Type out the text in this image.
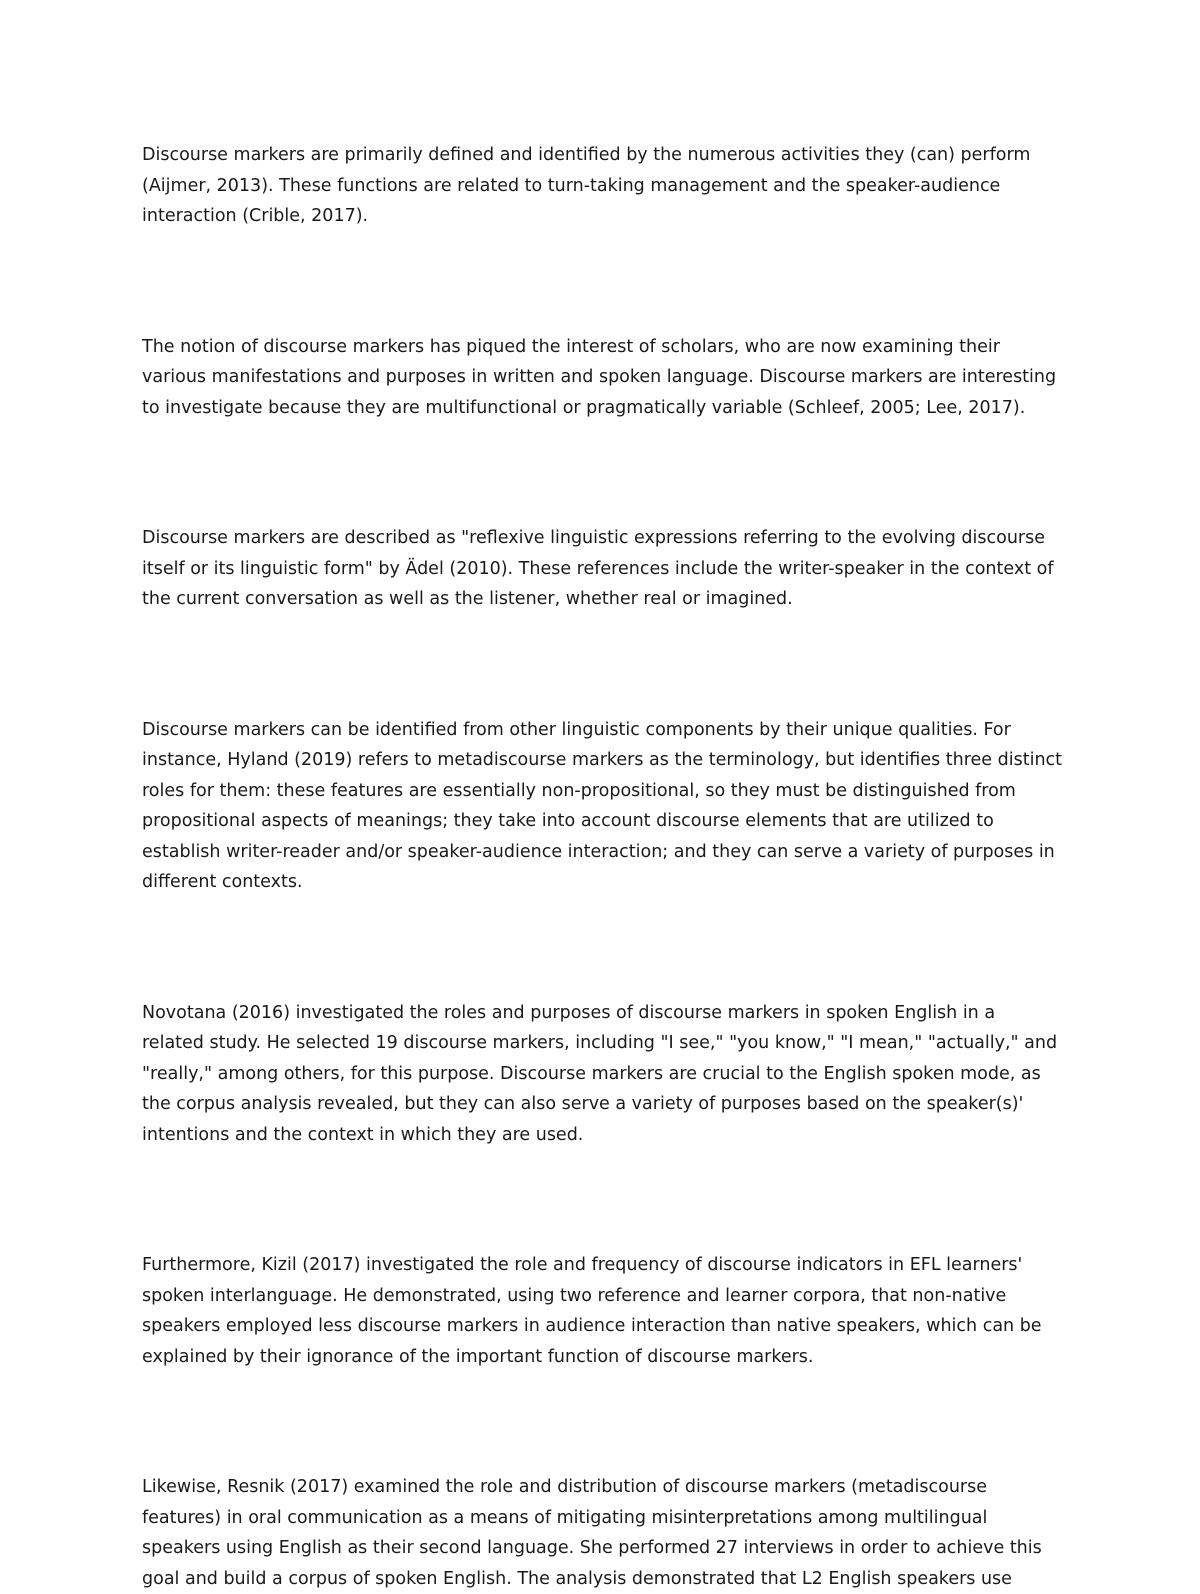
Discourse markers are primarily defined and identified by the numerous activities they (can) perform (Aijmer, 2013). These functions are related to turn-taking management and the speaker-audience interaction (Crible, 2017).

The notion of discourse markers has piqued the interest of scholars, who are now examining their various manifestations and purposes in written and spoken language. Discourse markers are interesting to investigate because they are multifunctional or pragmatically variable (Schleef, 2005; Lee, 2017).

Discourse markers are described as "reflexive linguistic expressions referring to the evolving discourse itself or its linguistic form" by Ädel (2010). These references include the writer-speaker in the context of the current conversation as well as the listener, whether real or imagined.

Discourse markers can be identified from other linguistic components by their unique qualities. For instance, Hyland (2019) refers to metadiscourse markers as the terminology, but identifies three distinct roles for them: these features are essentially non-propositional, so they must be distinguished from propositional aspects of meanings; they take into account discourse elements that are utilized to establish writer-reader and/or speaker-audience interaction; and they can serve a variety of purposes in different contexts.

Novotana (2016) investigated the roles and purposes of discourse markers in spoken English in a related study. He selected 19 discourse markers, including "I see," "you know," "I mean," "actually," and "really," among others, for this purpose. Discourse markers are crucial to the English spoken mode, as the corpus analysis revealed, but they can also serve a variety of purposes based on the speaker(s)' intentions and the context in which they are used.

Furthermore, Kizil (2017) investigated the role and frequency of discourse indicators in EFL learners' spoken interlanguage. He demonstrated, using two reference and learner corpora, that non-native speakers employed less discourse markers in audience interaction than native speakers, which can be explained by their ignorance of the important function of discourse markers.

Likewise, Resnik (2017) examined the role and distribution of discourse markers (metadiscourse features) in oral communication as a means of mitigating misinterpretations among multilingual speakers using English as their second language. She performed 27 interviews in order to achieve this goal and build a corpus of spoken English. The analysis demonstrated that L2 English speakers use
